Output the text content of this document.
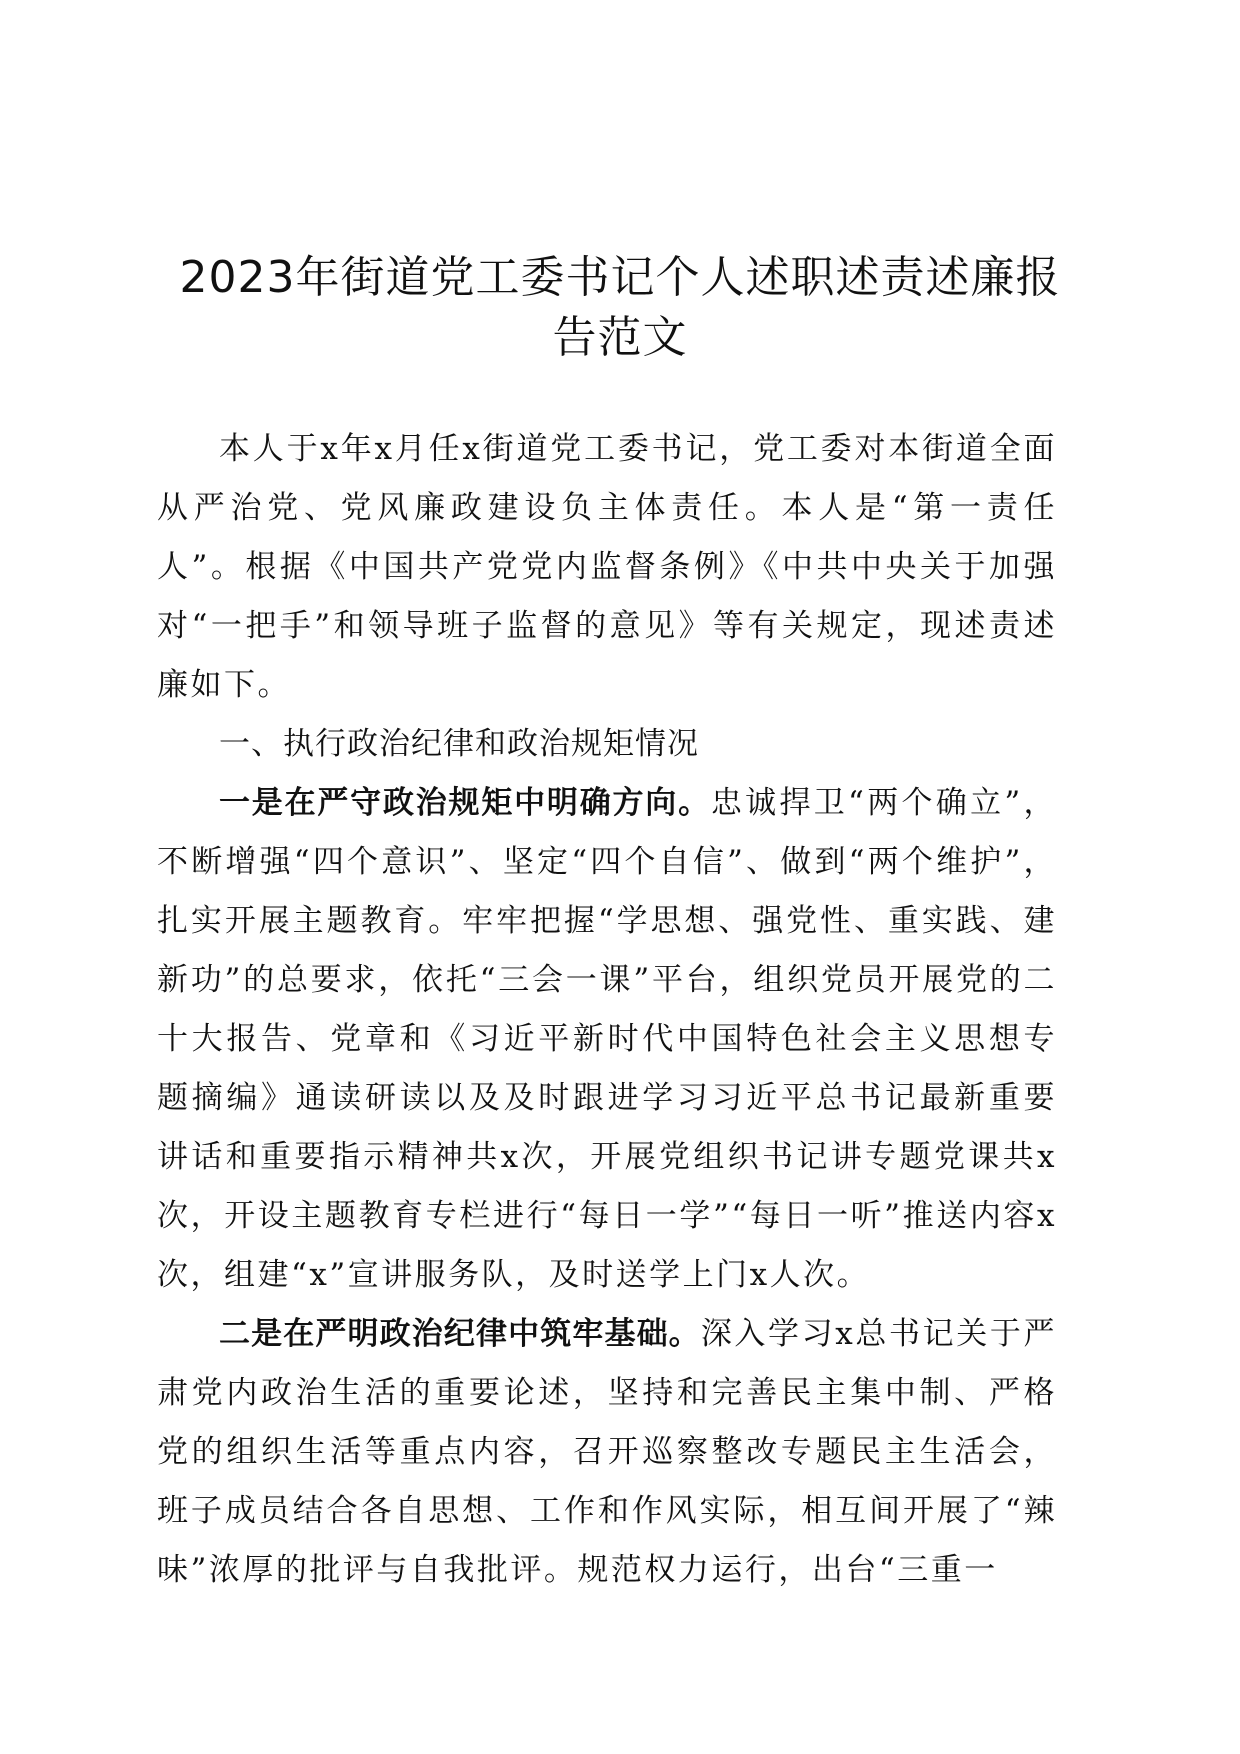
2023年街道党工委书记个人述职述责述廉报
告范文

本人于x年x月任x街道党工委书记，党工委对本街道全面从严治党、党风廉政建设负主体责任。本人是“第一责任人”。根据《中国共产党党内监督条例》《中共中央关于加强对“一把手”和领导班子监督的意见》等有关规定，现述责述廉如下。

一、执行政治纪律和政治规矩情况

一是在严守政治规矩中明确方向。忠诚捍卫“两个确立”，不断增强“四个意识”、坚定“四个自信”、做到“两个维护”，扎实开展主题教育。牢牢把握“学思想、强党性、重实践、建新功”的总要求，依托“三会一课”平台，组织党员开展党的二十大报告、党章和《习近平新时代中国特色社会主义思想专题摘编》通读研读以及及时跟进学习习近平总书记最新重要讲话和重要指示精神共x次，开展党组织书记讲专题党课共x次，开设主题教育专栏进行“每日一学”“每日一听”推送内容x次，组建“x”宣讲服务队，及时送学上门x人次。

二是在严明政治纪律中筑牢基础。深入学习x总书记关于严肃党内政治生活的重要论述，坚持和完善民主集中制、严格党的组织生活等重点内容，召开巡察整改专题民主生活会，班子成员结合各自思想、工作和作风实际，相互间开展了“辣味”浓厚的批评与自我批评。规范权力运行，出台“三重一
